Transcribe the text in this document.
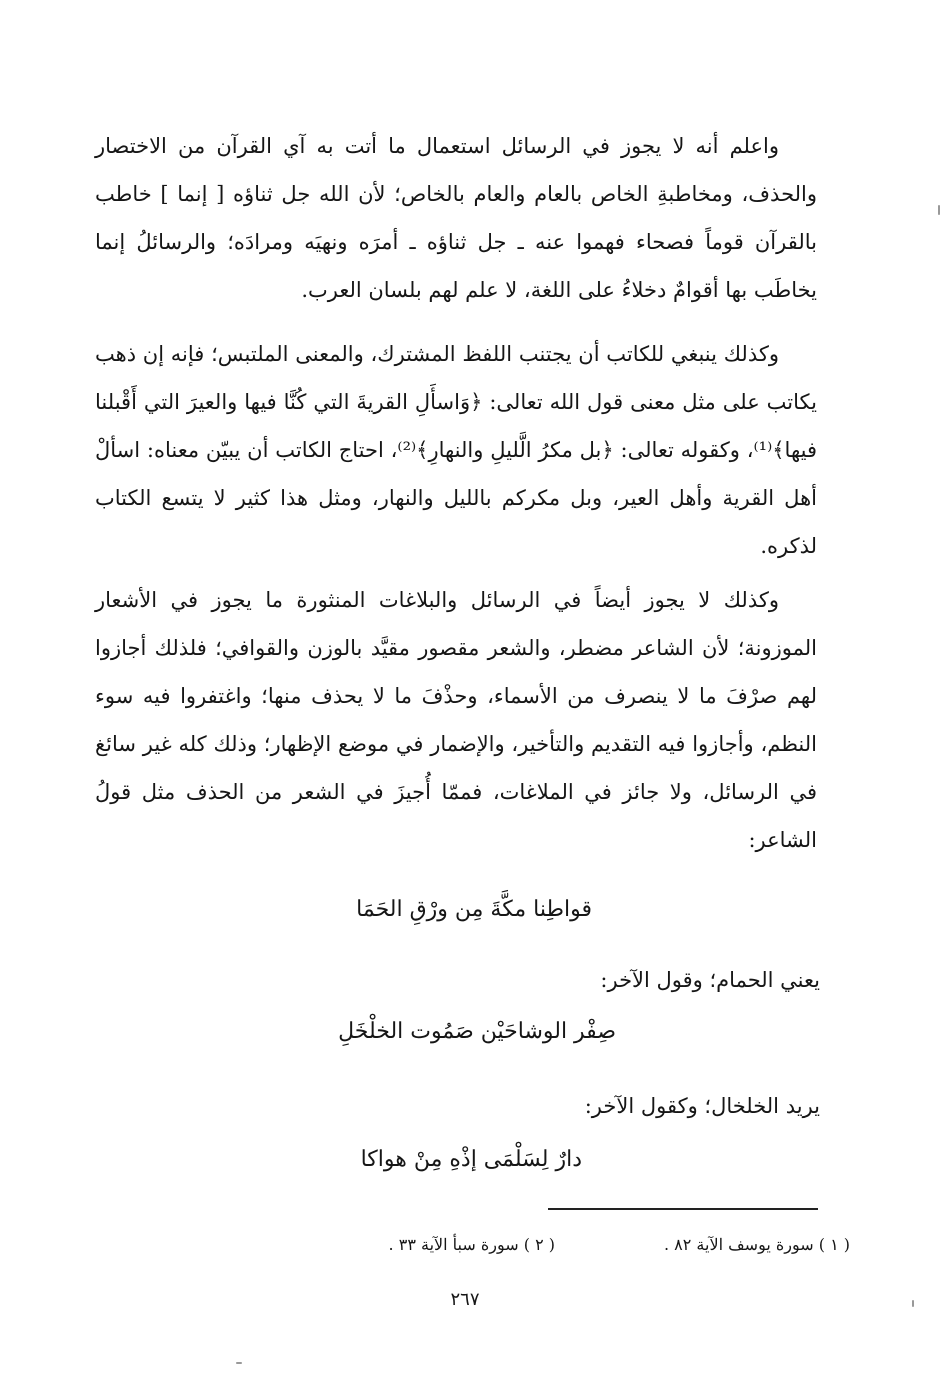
واعلم أنه لا يجوز في الرسائل استعمال ما أتت به آي القرآن من الاختصار والحذف، ومخاطبةِ الخاص بالعام والعام بالخاص؛ لأن الله جل ثناؤه [ إنما ] خاطب بالقرآن قوماً فصحاء فهموا عنه ـ جل ثناؤه ـ أمرَه ونهيَه ومرادَه؛ والرسائلُ إنما يخاطَب بها أقوامٌ دخلاءُ على اللغة، لا علم لهم بلسان العرب.

وكذلك ينبغي للكاتب أن يجتنب اللفظ المشترك، والمعنى الملتبس؛ فإنه إن ذهب يكاتب على مثل معنى قول الله تعالى: ﴿وَاسأَلِ القريةَ التي كُنَّا فيها والعيرَ التي أَقْبلنا فيها﴾⁽¹⁾، وكقوله تعالى: ﴿بل مكرُ الَّليلِ والنهارِ﴾⁽²⁾، احتاج الكاتب أن يبيّن معناه: اسألْ أهل القرية وأهل العير، وبل مكركم بالليل والنهار، ومثل هذا كثير لا يتسع الكتاب لذكره.

وكذلك لا يجوز أيضاً في الرسائل والبلاغات المنثورة ما يجوز في الأشعار الموزونة؛ لأن الشاعر مضطر، والشعر مقصور مقيَّد بالوزن والقوافي؛ فلذلك أجازوا لهم صرْفَ ما لا ينصرف من الأسماء، وحذْفَ ما لا يحذف منها؛ واغتفروا فيه سوء النظم، وأجازوا فيه التقديم والتأخير، والإضمار في موضع الإظهار؛ وذلك كله غير سائغ في الرسائل، ولا جائز في الملاغات، فممّا أُجيزَ في الشعر من الحذف مثل قولُ الشاعر:

قواطِنا مكَّةَ مِن ورْقِ الحَمَا
يعني الحمام؛ وقول الآخر:
صِفْر الوشاحَيْن صَمُوت الخلْخَلِ
يريد الخلخال؛ وكقول الآخر:
دارٌ لِسَلْمَى إذْهِ مِنْ هواكا
( ١ ) سورة يوسف الآية ٨٢ .
( ٢ ) سورة سبأ الآية ٣٣ .
٢٦٧
